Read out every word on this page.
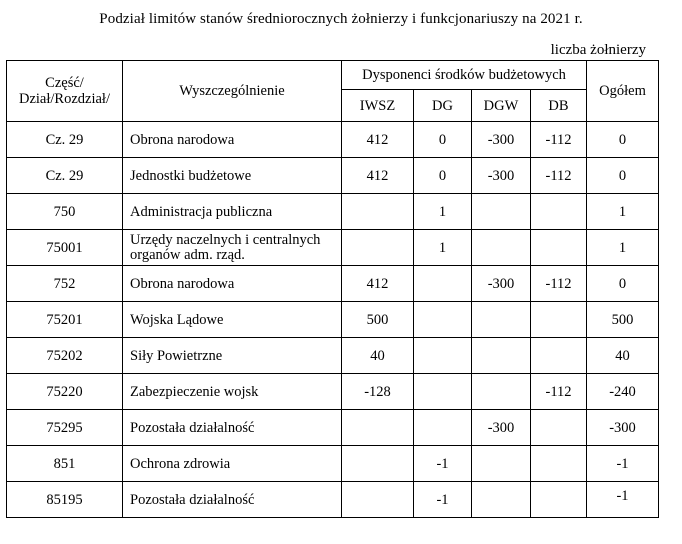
Podział limitów stanów średniorocznych żołnierzy i funkcjonariuszy na 2021 r.
liczba żołnierzy
Część/
Dział/Rozdział/	Wyszczególnienie	Dysponenci środków budżetowych				Ogółem
		IWSZ	DG	DGW	DB	
Cz. 29	Obrona narodowa	412	0	-300	-112	0
Cz. 29	Jednostki budżetowe	412	0	-300	-112	0
750	Administracja publiczna		1			1
75001	Urzędy naczelnych i centralnych
organów adm. rząd.		1			1
752	Obrona narodowa	412		-300	-112	0
75201	Wojska Lądowe	500				500
75202	Siły Powietrzne	40				40
75220	Zabezpieczenie wojsk	-128			-112	-240
75295	Pozostała działalność			-300		-300
851	Ochrona zdrowia		-1			-1
85195	Pozostała działalność		-1			-1
